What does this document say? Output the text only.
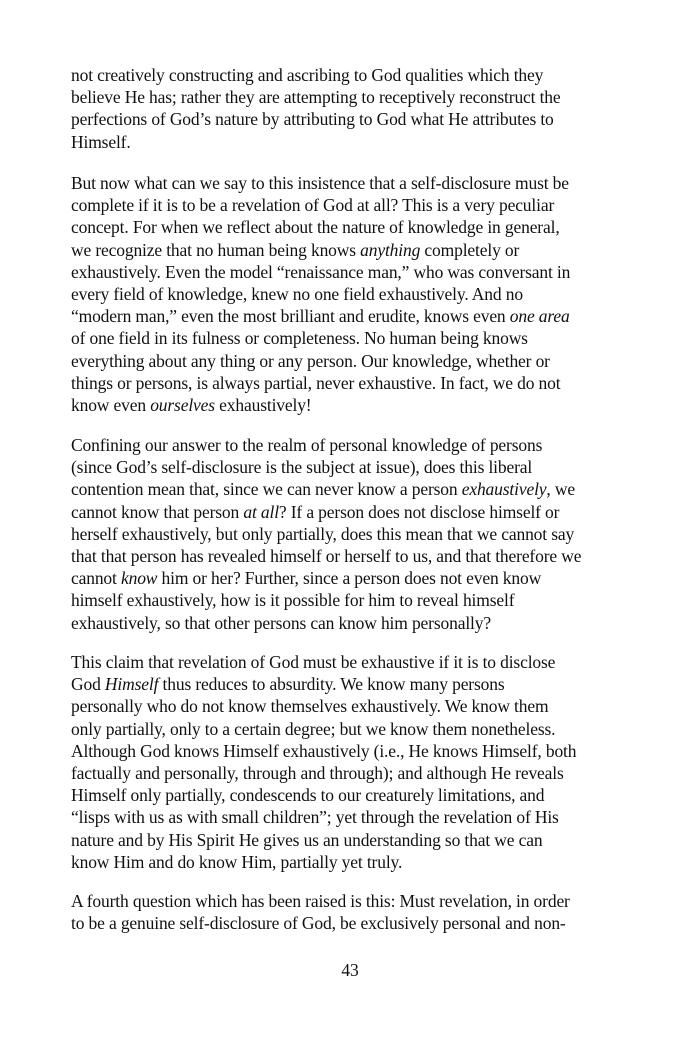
not creatively constructing and ascribing to God qualities which they
believe He has; rather they are attempting to receptively reconstruct the
perfections of God’s nature by attributing to God what He attributes to
Himself.
But now what can we say to this insistence that a self-disclosure must be
complete if it is to be a revelation of God at all? This is a very peculiar
concept. For when we reflect about the nature of knowledge in general,
we recognize that no human being knows anything completely or
exhaustively. Even the model “renaissance man,” who was conversant in
every field of knowledge, knew no one field exhaustively. And no
“modern man,” even the most brilliant and erudite, knows even one area
of one field in its fulness or completeness. No human being knows
everything about any thing or any person. Our knowledge, whether or
things or persons, is always partial, never exhaustive. In fact, we do not
know even ourselves exhaustively!
Confining our answer to the realm of personal knowledge of persons
(since God’s self-disclosure is the subject at issue), does this liberal
contention mean that, since we can never know a person exhaustively, we
cannot know that person at all? If a person does not disclose himself or
herself exhaustively, but only partially, does this mean that we cannot say
that that person has revealed himself or herself to us, and that therefore we
cannot know him or her? Further, since a person does not even know
himself exhaustively, how is it possible for him to reveal himself
exhaustively, so that other persons can know him personally?
This claim that revelation of God must be exhaustive if it is to disclose
God Himself thus reduces to absurdity. We know many persons
personally who do not know themselves exhaustively. We know them
only partially, only to a certain degree; but we know them nonetheless.
Although God knows Himself exhaustively (i.e., He knows Himself, both
factually and personally, through and through); and although He reveals
Himself only partially, condescends to our creaturely limitations, and
“lisps with us as with small children”; yet through the revelation of His
nature and by His Spirit He gives us an understanding so that we can
know Him and do know Him, partially yet truly.
A fourth question which has been raised is this: Must revelation, in order
to be a genuine self-disclosure of God, be exclusively personal and non-
43
